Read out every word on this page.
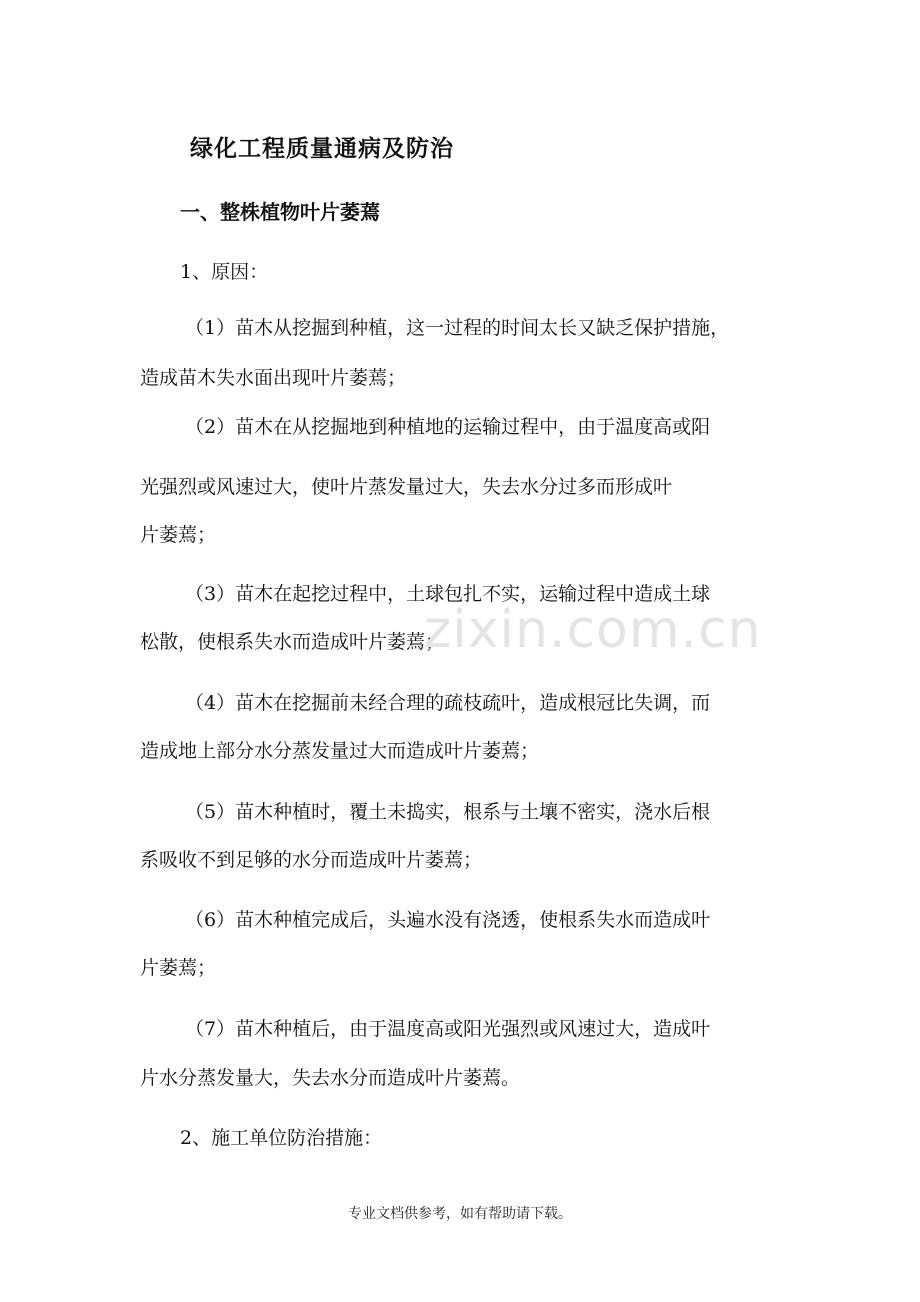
绿化工程质量通病及防治
一、整株植物叶片萎蔫
1、原因：
（1）苗木从挖掘到种植，这一过程的时间太长又缺乏保护措施，
造成苗木失水面出现叶片萎蔫；
（2）苗木在从挖掘地到种植地的运输过程中，由于温度高或阳
光强烈或风速过大，使叶片蒸发量过大，失去水分过多而形成叶
片萎蔫；
（3）苗木在起挖过程中，土球包扎不实，运输过程中造成土球
松散，使根系失水而造成叶片萎蔫；
（4）苗木在挖掘前未经合理的疏枝疏叶，造成根冠比失调，而
造成地上部分水分蒸发量过大而造成叶片萎蔫；
（5）苗木种植时，覆土未捣实，根系与土壤不密实，浇水后根
系吸收不到足够的水分而造成叶片萎蔫；
（6）苗木种植完成后，头遍水没有浇透，使根系失水而造成叶
片萎蔫；
（7）苗木种植后，由于温度高或阳光强烈或风速过大，造成叶
片水分蒸发量大，失去水分而造成叶片萎蔫。
2、施工单位防治措施：
zixin.com.cn
专业文档供参考，如有帮助请下载。
